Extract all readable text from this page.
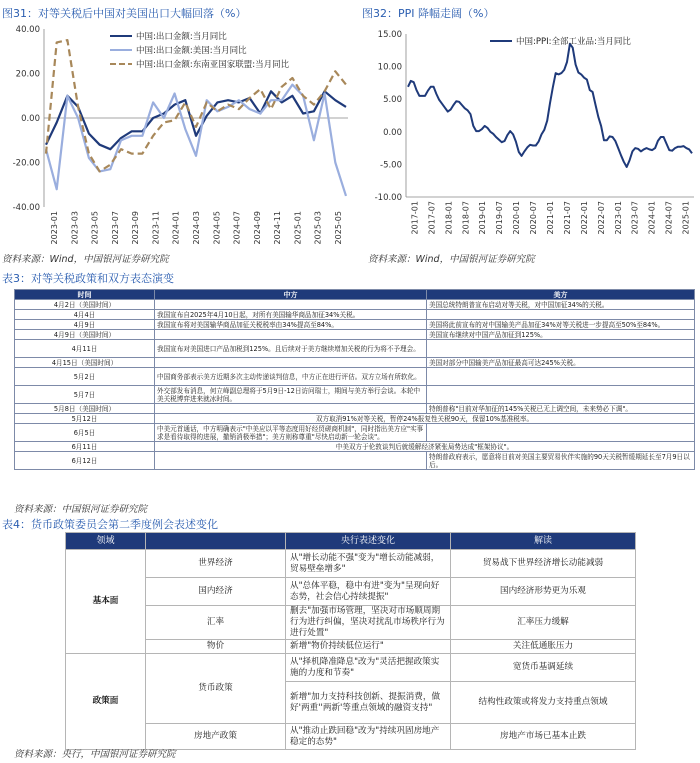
图31：对等关税后中国对美国出口大幅回落（%）
40.00
20.00
0.00
-20.00
-40.00
2023-01 2023-03 2023-05 2023-07 2023-09 2023-11 2024-01 2024-03 2024-05 2024-07 2024-09 2024-11 2025-01 2025-03 2025-05
中国:出口金额:当月同比
中国:出口金额:美国:当月同比
中国:出口金额:东南亚国家联盟:当月同比
资料来源：Wind，中国银河证券研究院
图32：PPI 降幅走阔（%）
15.00
10.00
5.00
0.00
-5.00
-10.00
2017-01 2017-07 2018-01 2018-07 2019-01 2019-07 2020-01 2020-07 2021-01 2021-07 2022-01 2022-07 2023-01 2023-07 2024-01 2024-07 2025-01
中国:PPI:全部工业品:当月同比
资料来源：Wind，中国银河证券研究院
表3：对等关税政策和双方表态演变
时间	中方	美方
4月2日（美国时间）		美国总统特朗普宣布启动对等关税，对中国加征34%的关税。
4月4日	我国宣布自2025年4月10日起，对所有美国输华商品加征34%关税。	
4月9日	我国宣布将对美国输华商品加征关税税率由34%提高至84%。	美国将此前宣布的对中国输美产品加征34%对等关税进一步提高至50%至84%。
4月9日（美国时间）		美国宣布继续对中国产品加征到125%。
4月11日	我国宣布对美国进口产品加税到125%。且后续对于美方继续增加关税的行为将不予理会。	
4月15日（美国时间）		美国对部分中国输美产品加征最高可达245%关税。
5月2日	中国商务部表示美方近期多次主动传递谈判信息，中方正在进行评估。双方立场有所软化。	
5月7日	外交部发布消息，何立峰副总理将于5月9日-12日访问瑞士，期间与美方举行会谈。本轮中美关税博弈进来就冰时间。	
5月8日（美国时间）		特朗普称"目前对华加征的145%关税已无上调空间，未来势必下调"。
5月12日	双方取消91%对等关税，暂停24%报复性关税90天，保留10%基准税率。	
6月5日	中美元首通话，中方明确表示"中美应以平等态度用好经贸磋商机制"，同时指出美方应"实事求是看待取得的进展，撤销消极举措"；美方则称尊重"尽快启动新一轮会谈"。	
6月11日	中美双方于伦敦谈判后就缓解经济紧张局势达成"框架协议"。	
6月12日		特朗普政府表示，愿意将目前对美国主要贸易伙伴实施的90天关税暂缓期延长至7月9日以后。
资料来源：中国银河证券研究院
表4：货币政策委员会第二季度例会表述变化
领域		央行表述变化	解读
基本面	世界经济	从"增长动能不强"变为"增长动能减弱，贸易壁垒增多"	贸易战下世界经济增长动能减弱
	国内经济	从"总体平稳，稳中有进"变为"呈现向好态势，社会信心持续提振"	国内经济形势更为乐观
	汇率	删去"加强市场管理，坚决对市场顺周期行为进行纠偏，坚决对扰乱市场秩序行为进行处置"	汇率压力缓解
	物价	新增"物价持续低位运行"	关注低通胀压力
政策面	货币政策	从"择机降准降息"改为"灵活把握政策实施的力度和节奏"	宽货币基调延续
		新增"加力支持科技创新、提振消费，做好'两重''两新'等重点领域的融资支持"	结构性政策或将发力支持重点领域
	房地产政策	从"推动止跌回稳"改为"持续巩固房地产稳定的态势"	房地产市场已基本止跌
资料来源：央行，中国银河证券研究院
